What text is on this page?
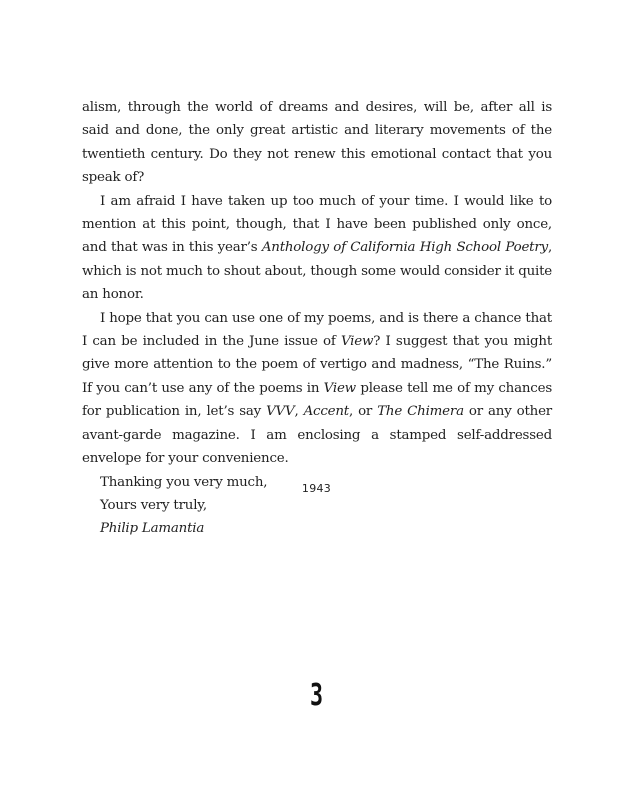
alism, through the world of dreams and desires, will be, after all is said and done, the only great artistic and literary movements of the twentieth century. Do they not renew this emotional contact that you speak of?

I am afraid I have taken up too much of your time. I would like to mention at this point, though, that I have been published only once, and that was in this year’s Anthology of California High School Poetry, which is not much to shout about, though some would consider it quite an honor.

I hope that you can use one of my poems, and is there a chance that I can be included in the June issue of View? I suggest that you might give more attention to the poem of vertigo and madness, “The Ruins.” If you can’t use any of the poems in View please tell me of my chances for publication in, let’s say VVV, Accent, or The Chimera or any other avant-garde magazine. I am enclosing a stamped self-addressed envelope for your convenience.

Thanking you very much,

Yours very truly,

Philip Lamantia

1943
3
